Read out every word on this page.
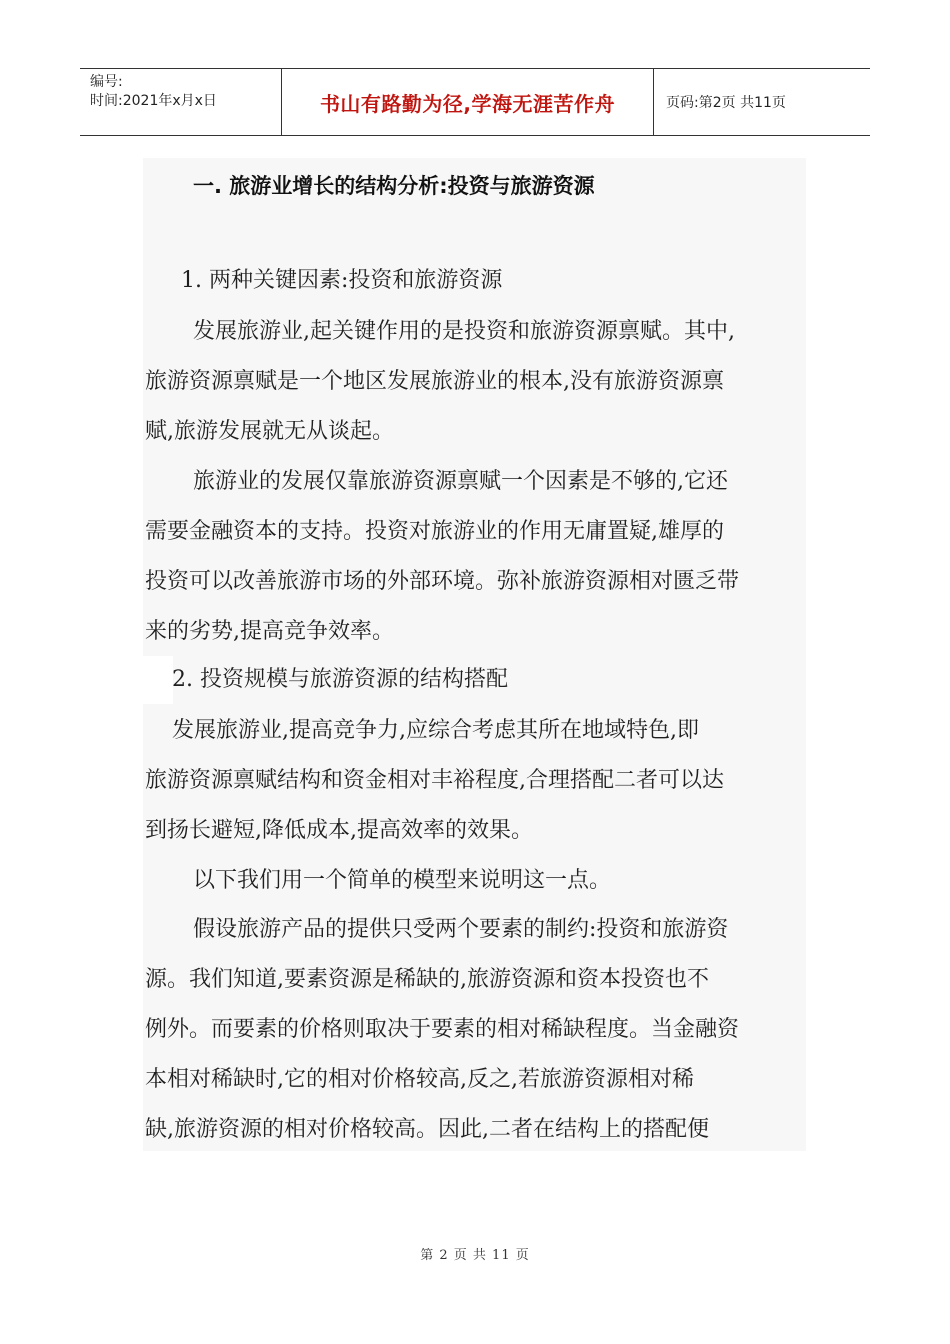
编号:
时间:2021年x月x日	书山有路勤为径,学海无涯苦作舟	页码:第2页 共11页
一. 旅游业增长的结构分析:投资与旅游资源
1. 两种关键因素:投资和旅游资源
发展旅游业,起关键作用的是投资和旅游资源禀赋。其中,
旅游资源禀赋是一个地区发展旅游业的根本,没有旅游资源禀
赋,旅游发展就无从谈起。
旅游业的发展仅靠旅游资源禀赋一个因素是不够的,它还
需要金融资本的支持。投资对旅游业的作用无庸置疑,雄厚的
投资可以改善旅游市场的外部环境。弥补旅游资源相对匮乏带
来的劣势,提高竞争效率。
2. 投资规模与旅游资源的结构搭配
发展旅游业,提高竞争力,应综合考虑其所在地域特色,即
旅游资源禀赋结构和资金相对丰裕程度,合理搭配二者可以达
到扬长避短,降低成本,提高效率的效果。
以下我们用一个简单的模型来说明这一点。
假设旅游产品的提供只受两个要素的制约:投资和旅游资
源。我们知道,要素资源是稀缺的,旅游资源和资本投资也不
例外。而要素的价格则取决于要素的相对稀缺程度。当金融资
本相对稀缺时,它的相对价格较高,反之,若旅游资源相对稀
缺,旅游资源的相对价格较高。因此,二者在结构上的搭配便
第 2 页 共 11 页
